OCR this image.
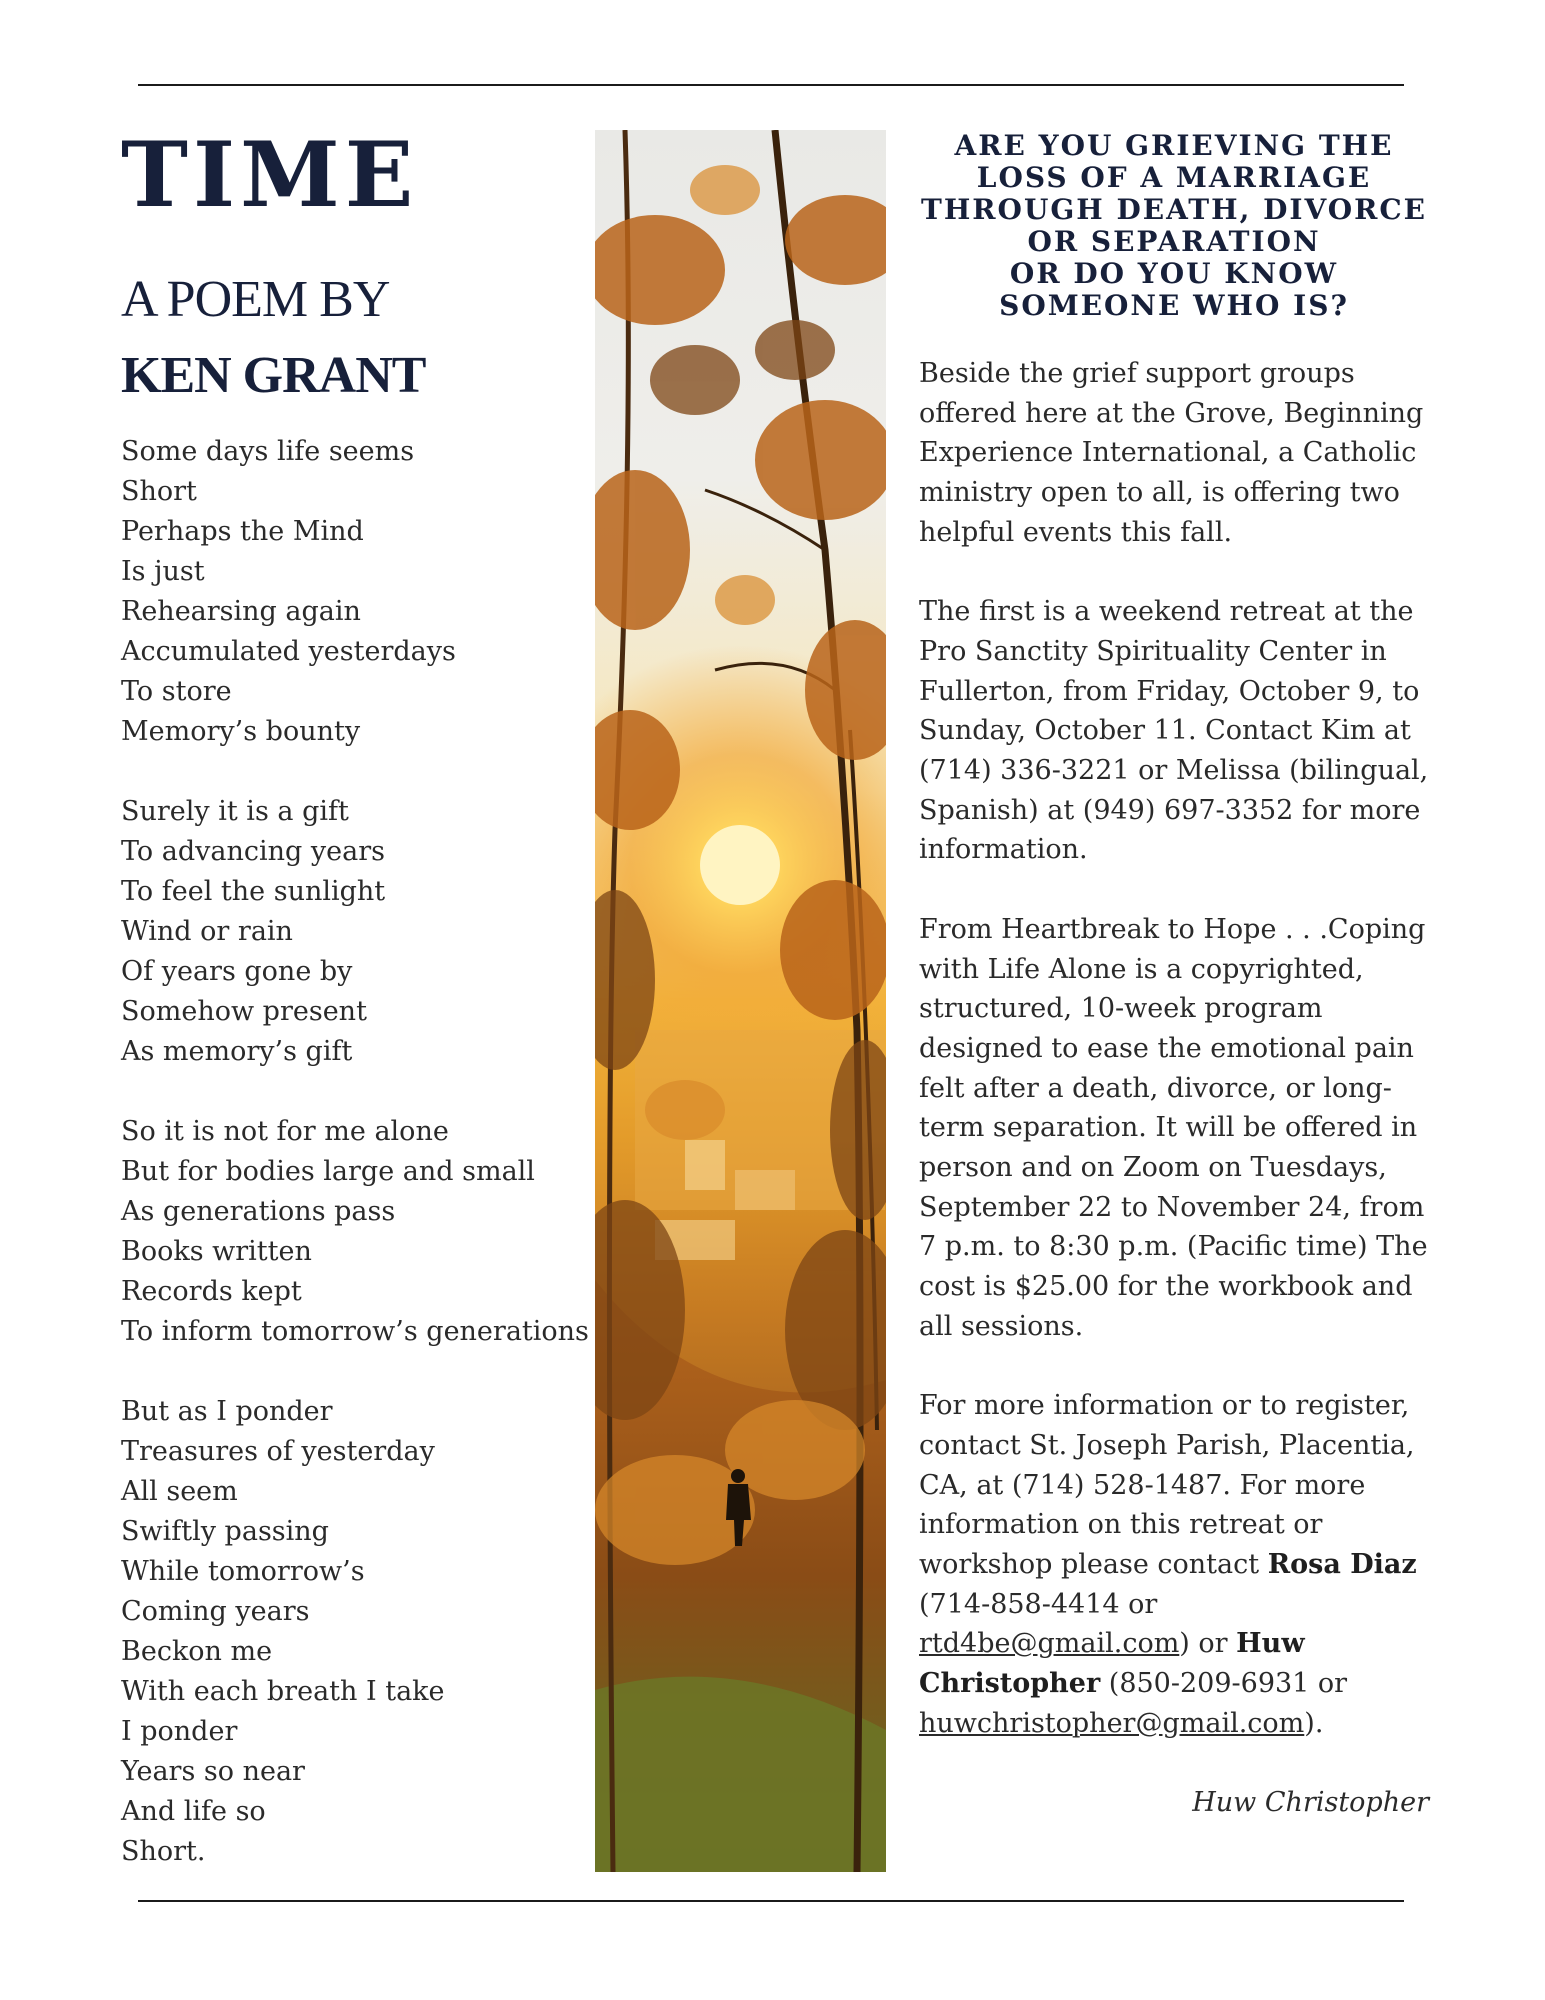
TIME
A POEM BY
KEN GRANT
Some days life seems
Short
Perhaps the Mind
Is just
Rehearsing again
Accumulated yesterdays
To store
Memory’s bounty
Surely it is a gift
To advancing years
To feel the sunlight
Wind or rain
Of years gone by
Somehow present
As memory’s gift
So it is not for me alone
But for bodies large and small
As generations pass
Books written
Records kept
To inform tomorrow’s generations
But as I ponder
Treasures of yesterday
All seem
Swiftly passing
While tomorrow’s
Coming years
Beckon me
With each breath I take
I ponder
Years so near
And life so
Short.
ARE YOU GRIEVING THE
LOSS OF A MARRIAGE
THROUGH DEATH, DIVORCE
OR SEPARATION
OR DO YOU KNOW
SOMEONE WHO IS?

Beside the grief support groups offered here at the Grove, Beginning Experience International, a Catholic ministry open to all, is offering two helpful events this fall.

The first is a weekend retreat at the Pro Sanctity Spirituality Center in Fullerton, from Friday, October 9, to Sunday, October 11. Contact Kim at (714) 336-3221 or Melissa (bilingual, Spanish) at (949) 697-3352 for more information.

From Heartbreak to Hope . . .Coping with Life Alone is a copyrighted, structured, 10-week program designed to ease the emotional pain felt after a death, divorce, or long-term separation. It will be offered in person and on Zoom on Tuesdays, September 22 to November 24, from 7 p.m. to 8:30 p.m. (Pacific time) The cost is $25.00 for the workbook and all sessions.

For more information or to register, contact St. Joseph Parish, Placentia, CA, at (714) 528-1487. For more information on this retreat or workshop please contact Rosa Diaz (714-858-4414 or rtd4be@gmail.com) or Huw Christopher (850-209-6931 or huwchristopher@gmail.com).

Huw Christopher
